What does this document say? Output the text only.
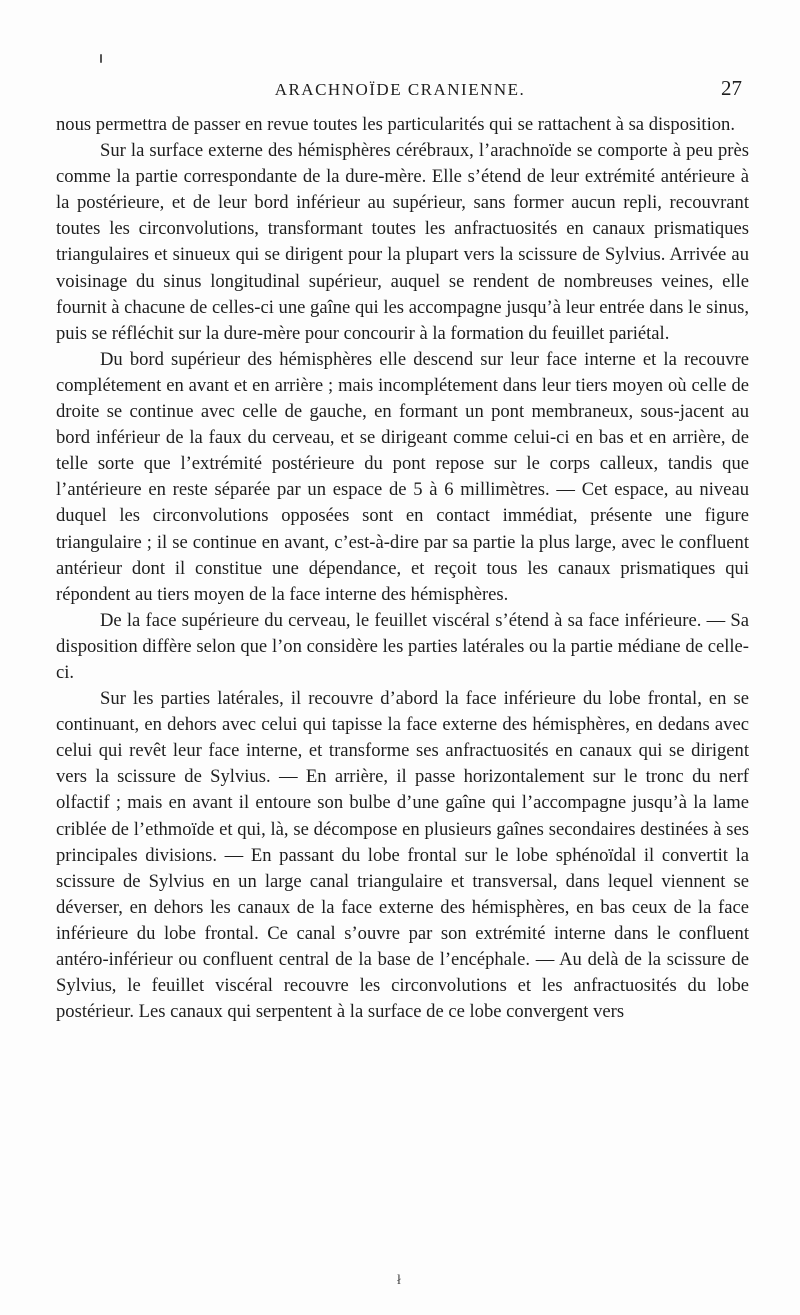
ARACHNOÏDE CRANIENNE.	27

nous permettra de passer en revue toutes les particularités qui se rattachent à sa disposition.

Sur la surface externe des hémisphères cérébraux, l’arachnoïde se comporte à peu près comme la partie correspondante de la dure-mère. Elle s’étend de leur extrémité antérieure à la postérieure, et de leur bord inférieur au supérieur, sans former aucun repli, recouvrant toutes les circonvolutions, transformant toutes les anfractuosités en canaux prismatiques triangulaires et sinueux qui se dirigent pour la plupart vers la scissure de Sylvius. Arrivée au voisinage du sinus longitudinal supérieur, auquel se rendent de nombreuses veines, elle fournit à chacune de celles-ci une gaîne qui les accompagne jusqu’à leur entrée dans le sinus, puis se réfléchit sur la dure-mère pour concourir à la formation du feuillet pariétal.

Du bord supérieur des hémisphères elle descend sur leur face interne et la recouvre complétement en avant et en arrière ; mais incomplétement dans leur tiers moyen où celle de droite se continue avec celle de gauche, en formant un pont membraneux, sous-jacent au bord inférieur de la faux du cerveau, et se dirigeant comme celui-ci en bas et en arrière, de telle sorte que l’extrémité postérieure du pont repose sur le corps calleux, tandis que l’antérieure en reste séparée par un espace de 5 à 6 millimètres. — Cet espace, au niveau duquel les circonvolutions opposées sont en contact immédiat, présente une figure triangulaire ; il se continue en avant, c’est-à-dire par sa partie la plus large, avec le confluent antérieur dont il constitue une dépendance, et reçoit tous les canaux prismatiques qui répondent au tiers moyen de la face interne des hémisphères.

De la face supérieure du cerveau, le feuillet viscéral s’étend à sa face inférieure. — Sa disposition diffère selon que l’on considère les parties latérales ou la partie médiane de celle-ci.

Sur les parties latérales, il recouvre d’abord la face inférieure du lobe frontal, en se continuant, en dehors avec celui qui tapisse la face externe des hémisphères, en dedans avec celui qui revêt leur face interne, et transforme ses anfractuosités en canaux qui se dirigent vers la scissure de Sylvius. — En arrière, il passe horizontalement sur le tronc du nerf olfactif ; mais en avant il entoure son bulbe d’une gaîne qui l’accompagne jusqu’à la lame criblée de l’ethmoïde et qui, là, se décompose en plusieurs gaînes secondaires destinées à ses principales divisions. — En passant du lobe frontal sur le lobe sphénoïdal il convertit la scissure de Sylvius en un large canal triangulaire et transversal, dans lequel viennent se déverser, en dehors les canaux de la face externe des hémisphères, en bas ceux de la face inférieure du lobe frontal. Ce canal s’ouvre par son extrémité interne dans le confluent antéro-inférieur ou confluent central de la base de l’encéphale. — Au delà de la scissure de Sylvius, le feuillet viscéral recouvre les circonvolutions et les anfractuosités du lobe postérieur. Les canaux qui serpentent à la surface de ce lobe convergent vers

ł
